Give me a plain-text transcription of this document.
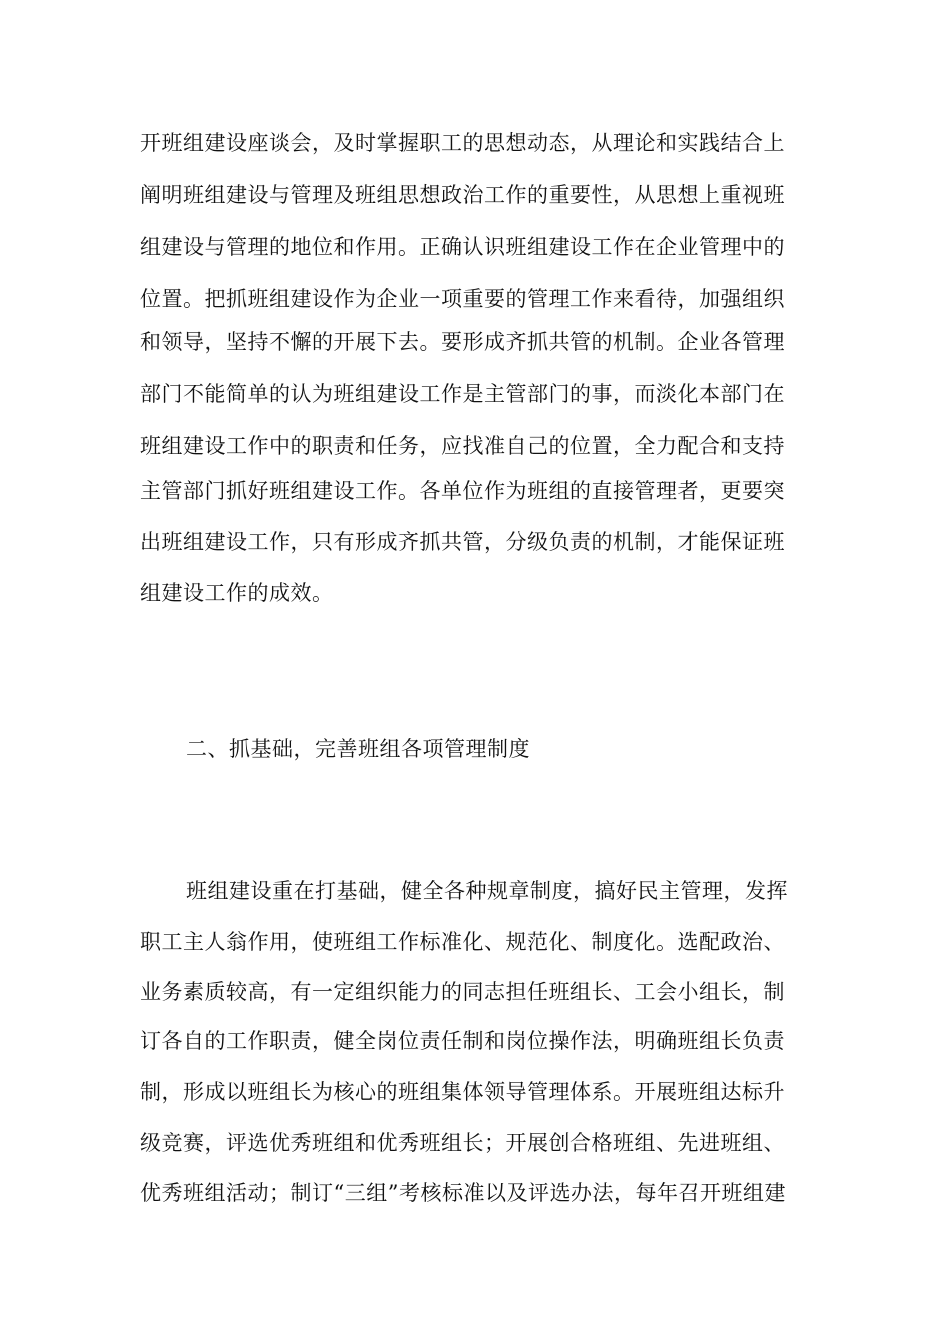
开班组建设座谈会，及时掌握职工的思想动态，从理论和实践结合上
阐明班组建设与管理及班组思想政治工作的重要性，从思想上重视班
组建设与管理的地位和作用。正确认识班组建设工作在企业管理中的
位置。把抓班组建设作为企业一项重要的管理工作来看待，加强组织
和领导，坚持不懈的开展下去。要形成齐抓共管的机制。企业各管理
部门不能简单的认为班组建设工作是主管部门的事，而淡化本部门在
班组建设工作中的职责和任务，应找准自己的位置，全力配合和支持
主管部门抓好班组建设工作。各单位作为班组的直接管理者，更要突
出班组建设工作，只有形成齐抓共管，分级负责的机制，才能保证班
组建设工作的成效。
二、抓基础，完善班组各项管理制度
班组建设重在打基础，健全各种规章制度，搞好民主管理，发挥
职工主人翁作用，使班组工作标准化、规范化、制度化。选配政治、
业务素质较高，有一定组织能力的同志担任班组长、工会小组长，制
订各自的工作职责，健全岗位责任制和岗位操作法，明确班组长负责
制，形成以班组长为核心的班组集体领导管理体系。开展班组达标升
级竞赛，评选优秀班组和优秀班组长；开展创合格班组、先进班组、
优秀班组活动；制订“三组”考核标准以及评选办法，每年召开班组建
